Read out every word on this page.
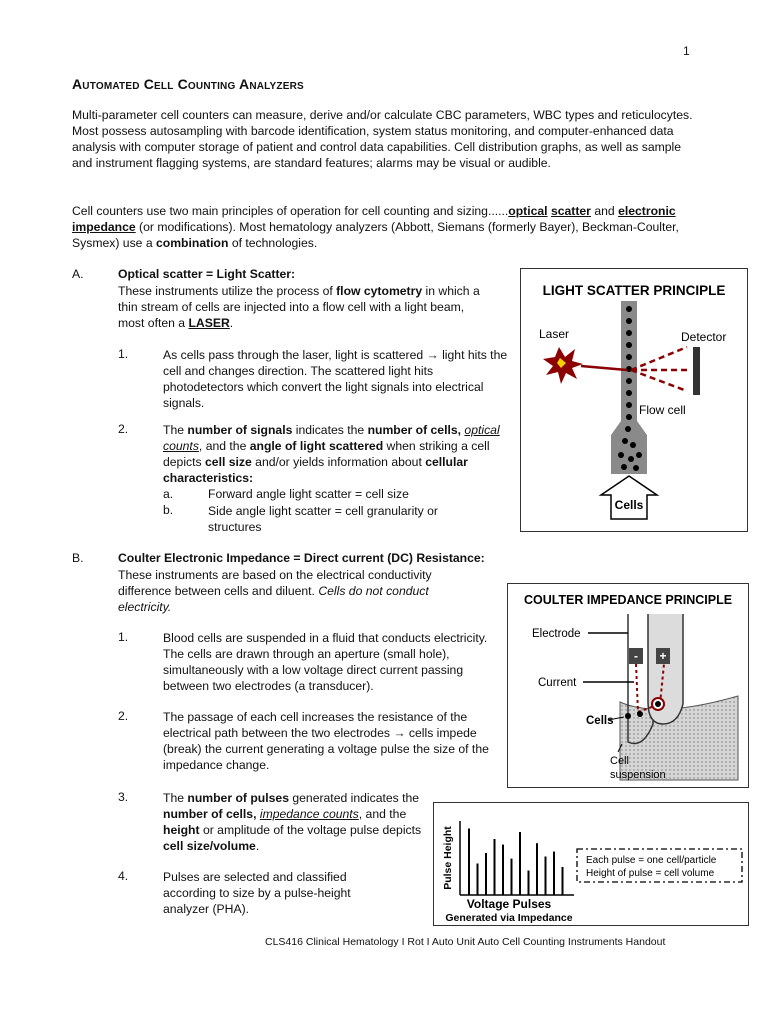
1
Automated Cell Counting Analyzers
Multi-parameter cell counters can measure, derive and/or calculate CBC parameters, WBC types and reticulocytes. Most possess autosampling with barcode identification, system status monitoring, and computer-enhanced data analysis with computer storage of patient and control data capabilities. Cell distribution graphs, as well as sample and instrument flagging systems, are standard features; alarms may be visual or audible.
Cell counters use two main principles of operation for cell counting and sizing......optical scatter and electronic impedance (or modifications). Most hematology analyzers (Abbott, Siemans (formerly Bayer), Beckman-Coulter, Sysmex) use a combination of technologies.
A.	Optical scatter = Light Scatter:
These instruments utilize the process of flow cytometry in which a thin stream of cells are injected into a flow cell with a light beam, most often a LASER.
1.	As cells pass through the laser, light is scattered → light hits the cell and changes direction. The scattered light hits photodetectors which convert the light signals into electrical signals.
2.	The number of signals indicates the number of cells, optical counts, and the angle of light scattered when striking a cell depicts cell size and/or yields information about cellular characteristics:
a.	Forward angle light scatter = cell size
b.	Side angle light scatter = cell granularity or structures
LIGHT SCATTER PRINCIPLE
Cells
Laser	Detector
Flow cell
B.	Coulter Electronic Impedance = Direct current (DC) Resistance:
These instruments are based on the electrical conductivity difference between cells and diluent. Cells do not conduct electricity.
1.	Blood cells are suspended in a fluid that conducts electricity. The cells are drawn through an aperture (small hole), simultaneously with a low voltage direct current passing between two electrodes (a transducer).
2.	The passage of each cell increases the resistance of the electrical path between the two electrodes → cells impede (break) the current generating a voltage pulse the size of the impedance change.
3.	The number of pulses generated indicates the number of cells, impedance counts, and the height or amplitude of the voltage pulse depicts cell size/volume.
4.	Pulses are selected and classified according to size by a pulse-height analyzer (PHA).
COULTER IMPEDANCE PRINCIPLE
- +
Electrode
Current
Cells
Cell
suspension
Pulse Height
Voltage Pulses
Generated via Impedance
Each pulse = one cell/particle
Height of pulse = cell volume
CLS416 Clinical Hematology I Rot I Auto Unit Auto Cell Counting Instruments Handout
